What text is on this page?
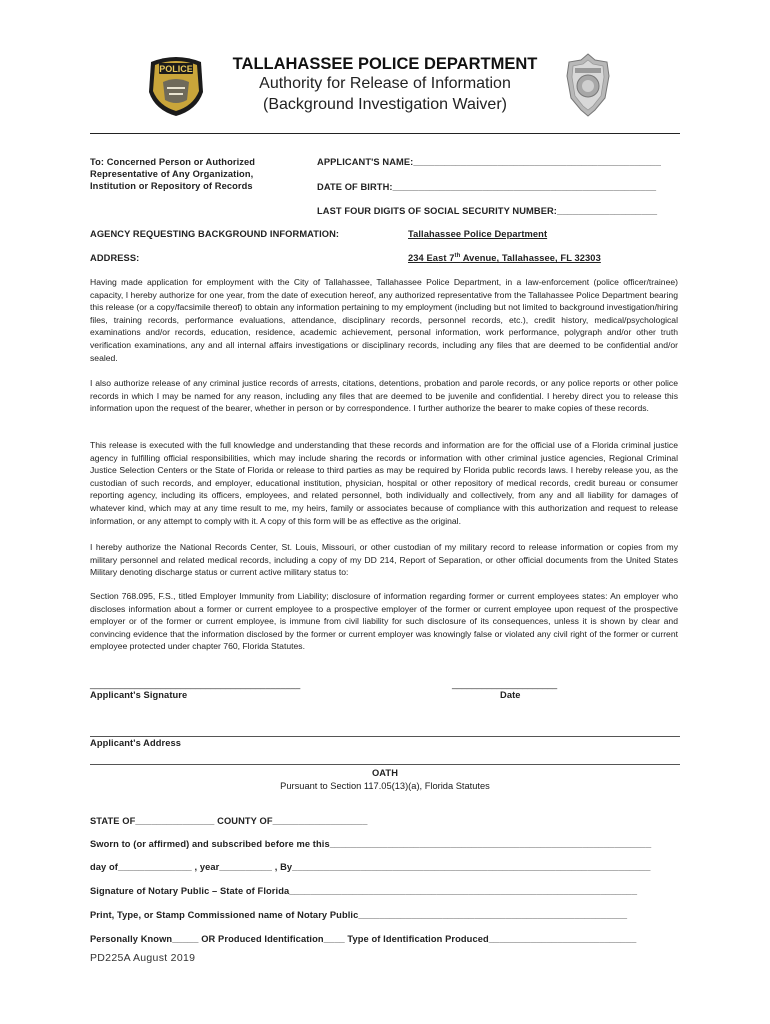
POLICE	TALLAHASSEE POLICE DEPARTMENT
Authority for Release of Information
(Background Investigation Waiver)
To: Concerned Person or Authorized
Representative of Any Organization,
Institution or Repository of Records
APPLICANT'S NAME:_______________________________________________
DATE OF BIRTH:__________________________________________________
LAST FOUR DIGITS OF SOCIAL SECURITY NUMBER:___________________
AGENCY REQUESTING BACKGROUND INFORMATION:	Tallahassee Police Department
ADDRESS:	234 East 7th Avenue, Tallahassee, FL 32303
Having made application for employment with the City of Tallahassee, Tallahassee Police Department, in a law-enforcement (police officer/trainee) capacity, I hereby authorize for one year, from the date of execution hereof, any authorized representative from the Tallahassee Police Department bearing this release (or a copy/facsimile thereof) to obtain any information pertaining to my employment (including but not limited to background investigation/hiring files, training records, performance evaluations, attendance, disciplinary records, personnel records, etc.), credit history, medical/psychological examinations and/or records, education, residence, academic achievement, personal information, work performance, polygraph and/or other truth verification examinations, any and all internal affairs investigations or disciplinary records, including any files that are deemed to be confidential and/or sealed.
I also authorize release of any criminal justice records of arrests, citations, detentions, probation and parole records, or any police reports or other police records in which I may be named for any reason, including any files that are deemed to be juvenile and confidential. I hereby direct you to release this information upon the request of the bearer, whether in person or by correspondence. I further authorize the bearer to make copies of these records.
This release is executed with the full knowledge and understanding that these records and information are for the official use of a Florida criminal justice agency in fulfilling official responsibilities, which may include sharing the records or information with other criminal justice agencies, Regional Criminal Justice Selection Centers or the State of Florida or release to third parties as may be required by Florida public records laws. I hereby release you, as the custodian of such records, and employer, educational institution, physician, hospital or other repository of medical records, credit bureau or consumer reporting agency, including its officers, employees, and related personnel, both individually and collectively, from any and all liability for damages of whatever kind, which may at any time result to me, my heirs, family or associates because of compliance with this authorization and request to release information, or any attempt to comply with it. A copy of this form will be as effective as the original.
I hereby authorize the National Records Center, St. Louis, Missouri, or other custodian of my military record to release information or copies from my military personnel and related medical records, including a copy of my DD 214, Report of Separation, or other official documents from the United States Military denoting discharge status or current active military status to:
Section 768.095, F.S., titled Employer Immunity from Liability; disclosure of information regarding former or current employees states: An employer who discloses information about a former or current employee to a prospective employer of the former or current employee upon request of the prospective employer or of the former or current employee, is immune from civil liability for such disclosure of its consequences, unless it is shown by clear and convincing evidence that the information disclosed by the former or current employer was knowingly false or violated any civil right of the former or current employee protected under chapter 760, Florida Statutes.
__________________________________________
Applicant's Signature
_____________________
Date
Applicant's Address
OATH
Pursuant to Section 117.05(13)(a), Florida Statutes
STATE OF_______________ COUNTY OF__________________
Sworn to (or affirmed) and subscribed before me this_____________________________________________________________
day of______________ , year__________ , By____________________________________________________________________
Signature of Notary Public – State of Florida__________________________________________________________________
Print, Type, or Stamp Commissioned name of Notary Public___________________________________________________
Personally Known_____ OR Produced Identification____ Type of Identification Produced____________________________
PD225A August 2019
